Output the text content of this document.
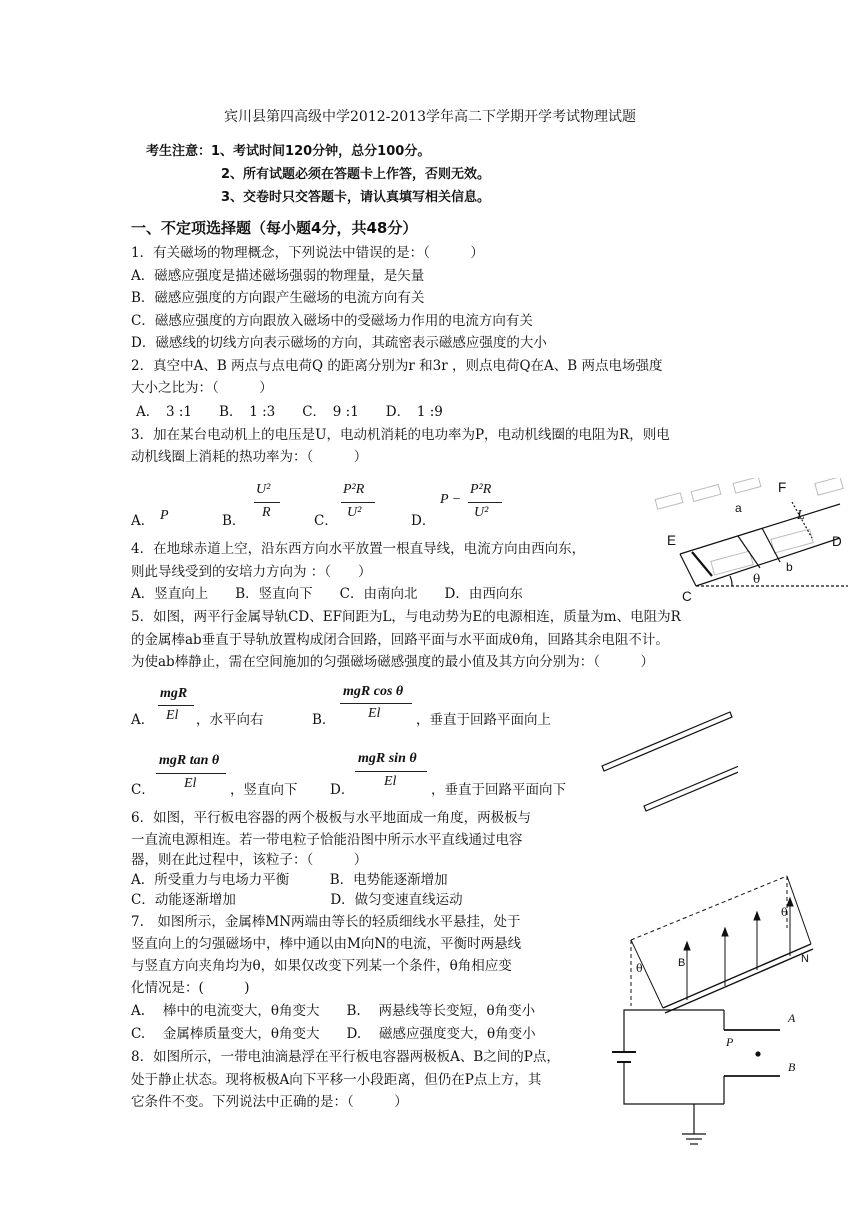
宾川县第四高级中学2012-2013学年高二下学期开学考试物理试题
考生注意：1、考试时间120分钟，总分100分。
2、所有试题必须在答题卡上作答，否则无效。
3、交卷时只交答题卡，请认真填写相关信息。
一、不定项选择题（每小题4分，共48分）
1．有关磁场的物理概念，下列说法中错误的是：（　　　）
A．磁感应强度是描述磁场强弱的物理量，是矢量
B．磁感应强度的方向跟产生磁场的电流方向有关
C．磁感应强度的方向跟放入磁场中的受磁场力作用的电流方向有关
D．磁感线的切线方向表示磁场的方向，其疏密表示磁感应强度的大小
2．真空中A、B 两点与点电荷Q 的距离分别为r 和3r ，则点电荷Q在A、B 两点电场强度
大小之比为：（　　　）
A．　3 :1　　B．　1 :3　　C．　9 :1　　D．　1 :9
3．加在某台电动机上的电压是U，电动机消耗的电功率为P，电动机线圈的电阻为R，则电
动机线圈上消耗的热功率为：（　　　）
A． P	B．
U²
R
C．
P²R
U²
D．
P −
P²R
U²
F
a	L
E	D
b
θ
C
4．在地球赤道上空，沿东西方向水平放置一根直导线，电流方向由西向东，
则此导线受到的安培力方向为 ：（　　）
A．竖直向上　　B．竖直向下　　C．由南向北　　D．由西向东
5．如图，两平行金属导轨CD、EF间距为L，与电动势为E的电源相连，质量为m、电阻为R
的金属棒ab垂直于导轨放置构成闭合回路，回路平面与水平面成θ角，回路其余电阻不计。
为使ab棒静止，需在空间施加的匀强磁场磁感强度的最小值及其方向分别为：（　　　）
A．
mgR
El ，水平向右	B．
mgR cos θ
El	，垂直于回路平面向上
C．
mgR tan θ
El ，竖直向下 D．
mgR sin θ
El
，垂直于回路平面向下
6．如图，平行板电容器的两个极板与水平地面成一角度，两极板与
一直流电源相连。若一带电粒子恰能沿图中所示水平直线通过电容
器，则在此过程中，该粒子：（　　　）
A．所受重力与电场力平衡　　　B．电势能逐渐增加
C．动能逐渐增加　　　　　　　D．做匀变速直线运动
7.　如图所示，金属棒MN两端由等长的轻质细线水平悬挂，处于
竖直向上的匀强磁场中，棒中通以由M向N的电流，平衡时两悬线
与竖直方向夹角均为θ，如果仅改变下列某一个条件，θ角相应变
化情况是：(　　　)
A.　 棒中的电流变大，θ角变大　　B.　 两悬线等长变短，θ角变小
C.　 金属棒质量变大，θ角变大　　D.　 磁感应强度变大，θ角变小
θ
θ
B	N
8．如图所示，一带电油滴悬浮在平行板电容器两极板A、B之间的P点，
处于静止状态。现将板极A向下平移一小段距离，但仍在P点上方，其
它条件不变。下列说法中正确的是：（　　　）
A
P
B
